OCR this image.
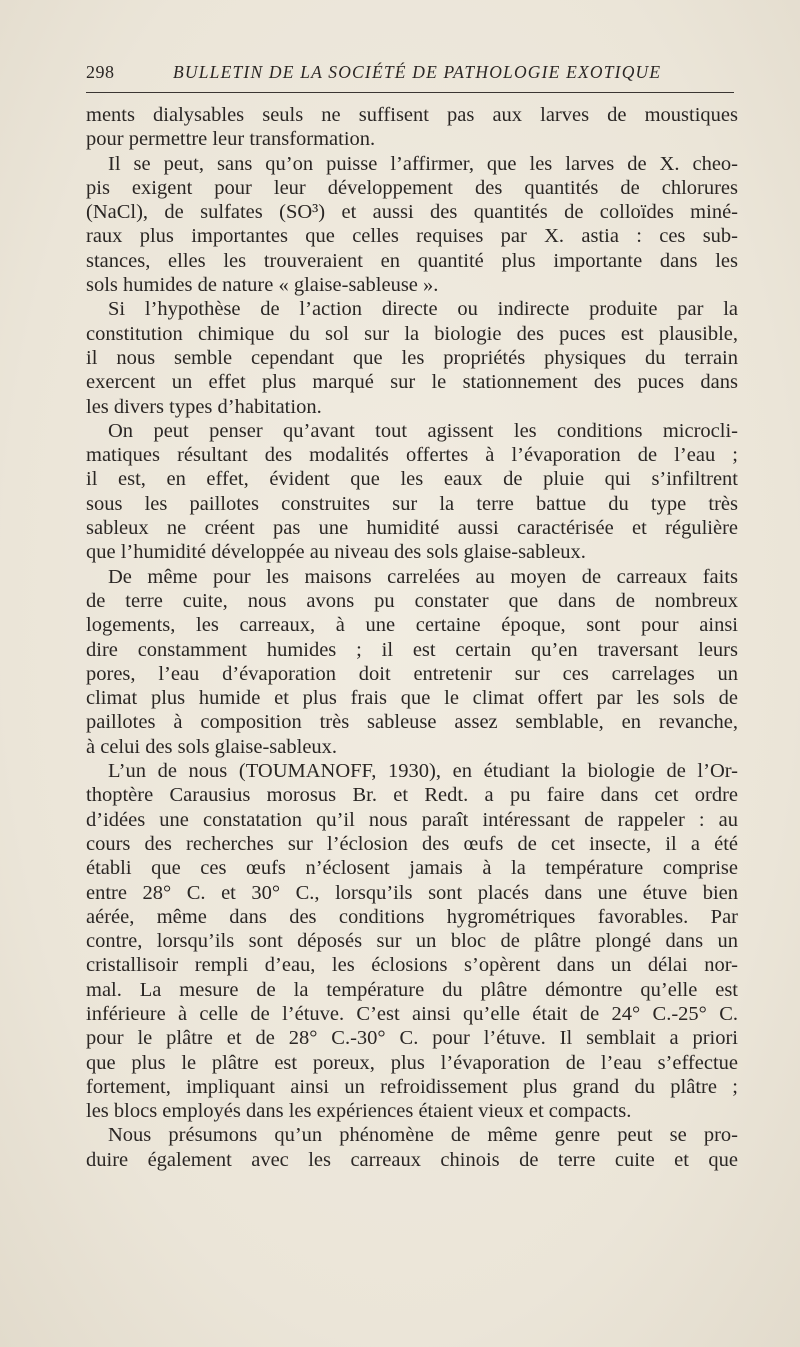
298	BULLETIN DE LA SOCIÉTÉ DE PATHOLOGIE EXOTIQUE
ments dialysables seuls ne suffisent pas aux larves de moustiques
pour permettre leur transformation.
Il se peut, sans qu’on puisse l’affirmer, que les larves de X. cheo-
pis exigent pour leur développement des quantités de chlorures
(NaCl), de sulfates (SO³) et aussi des quantités de colloïdes miné-
raux plus importantes que celles requises par X. astia : ces sub-
stances, elles les trouveraient en quantité plus importante dans les
sols humides de nature « glaise-sableuse ».
Si l’hypothèse de l’action directe ou indirecte produite par la
constitution chimique du sol sur la biologie des puces est plausible,
il nous semble cependant que les propriétés physiques du terrain
exercent un effet plus marqué sur le stationnement des puces dans
les divers types d’habitation.
On peut penser qu’avant tout agissent les conditions microcli-
matiques résultant des modalités offertes à l’évaporation de l’eau ;
il est, en effet, évident que les eaux de pluie qui s’infiltrent
sous les paillotes construites sur la terre battue du type très
sableux ne créent pas une humidité aussi caractérisée et régulière
que l’humidité développée au niveau des sols glaise-sableux.
De même pour les maisons carrelées au moyen de carreaux faits
de terre cuite, nous avons pu constater que dans de nombreux
logements, les carreaux, à une certaine époque, sont pour ainsi
dire constamment humides ; il est certain qu’en traversant leurs
pores, l’eau d’évaporation doit entretenir sur ces carrelages un
climat plus humide et plus frais que le climat offert par les sols de
paillotes à composition très sableuse assez semblable, en revanche,
à celui des sols glaise-sableux.
L’un de nous (TOUMANOFF, 1930), en étudiant la biologie de l’Or-
thoptère Carausius morosus Br. et Redt. a pu faire dans cet ordre
d’idées une constatation qu’il nous paraît intéressant de rappeler : au
cours des recherches sur l’éclosion des œufs de cet insecte, il a été
établi que ces œufs n’éclosent jamais à la température comprise
entre 28° C. et 30° C., lorsqu’ils sont placés dans une étuve bien
aérée, même dans des conditions hygrométriques favorables. Par
contre, lorsqu’ils sont déposés sur un bloc de plâtre plongé dans un
cristallisoir rempli d’eau, les éclosions s’opèrent dans un délai nor-
mal. La mesure de la température du plâtre démontre qu’elle est
inférieure à celle de l’étuve. C’est ainsi qu’elle était de 24° C.-25° C.
pour le plâtre et de 28° C.-30° C. pour l’étuve. Il semblait a priori
que plus le plâtre est poreux, plus l’évaporation de l’eau s’effectue
fortement, impliquant ainsi un refroidissement plus grand du plâtre ;
les blocs employés dans les expériences étaient vieux et compacts.
Nous présumons qu’un phénomène de même genre peut se pro-
duire également avec les carreaux chinois de terre cuite et que
